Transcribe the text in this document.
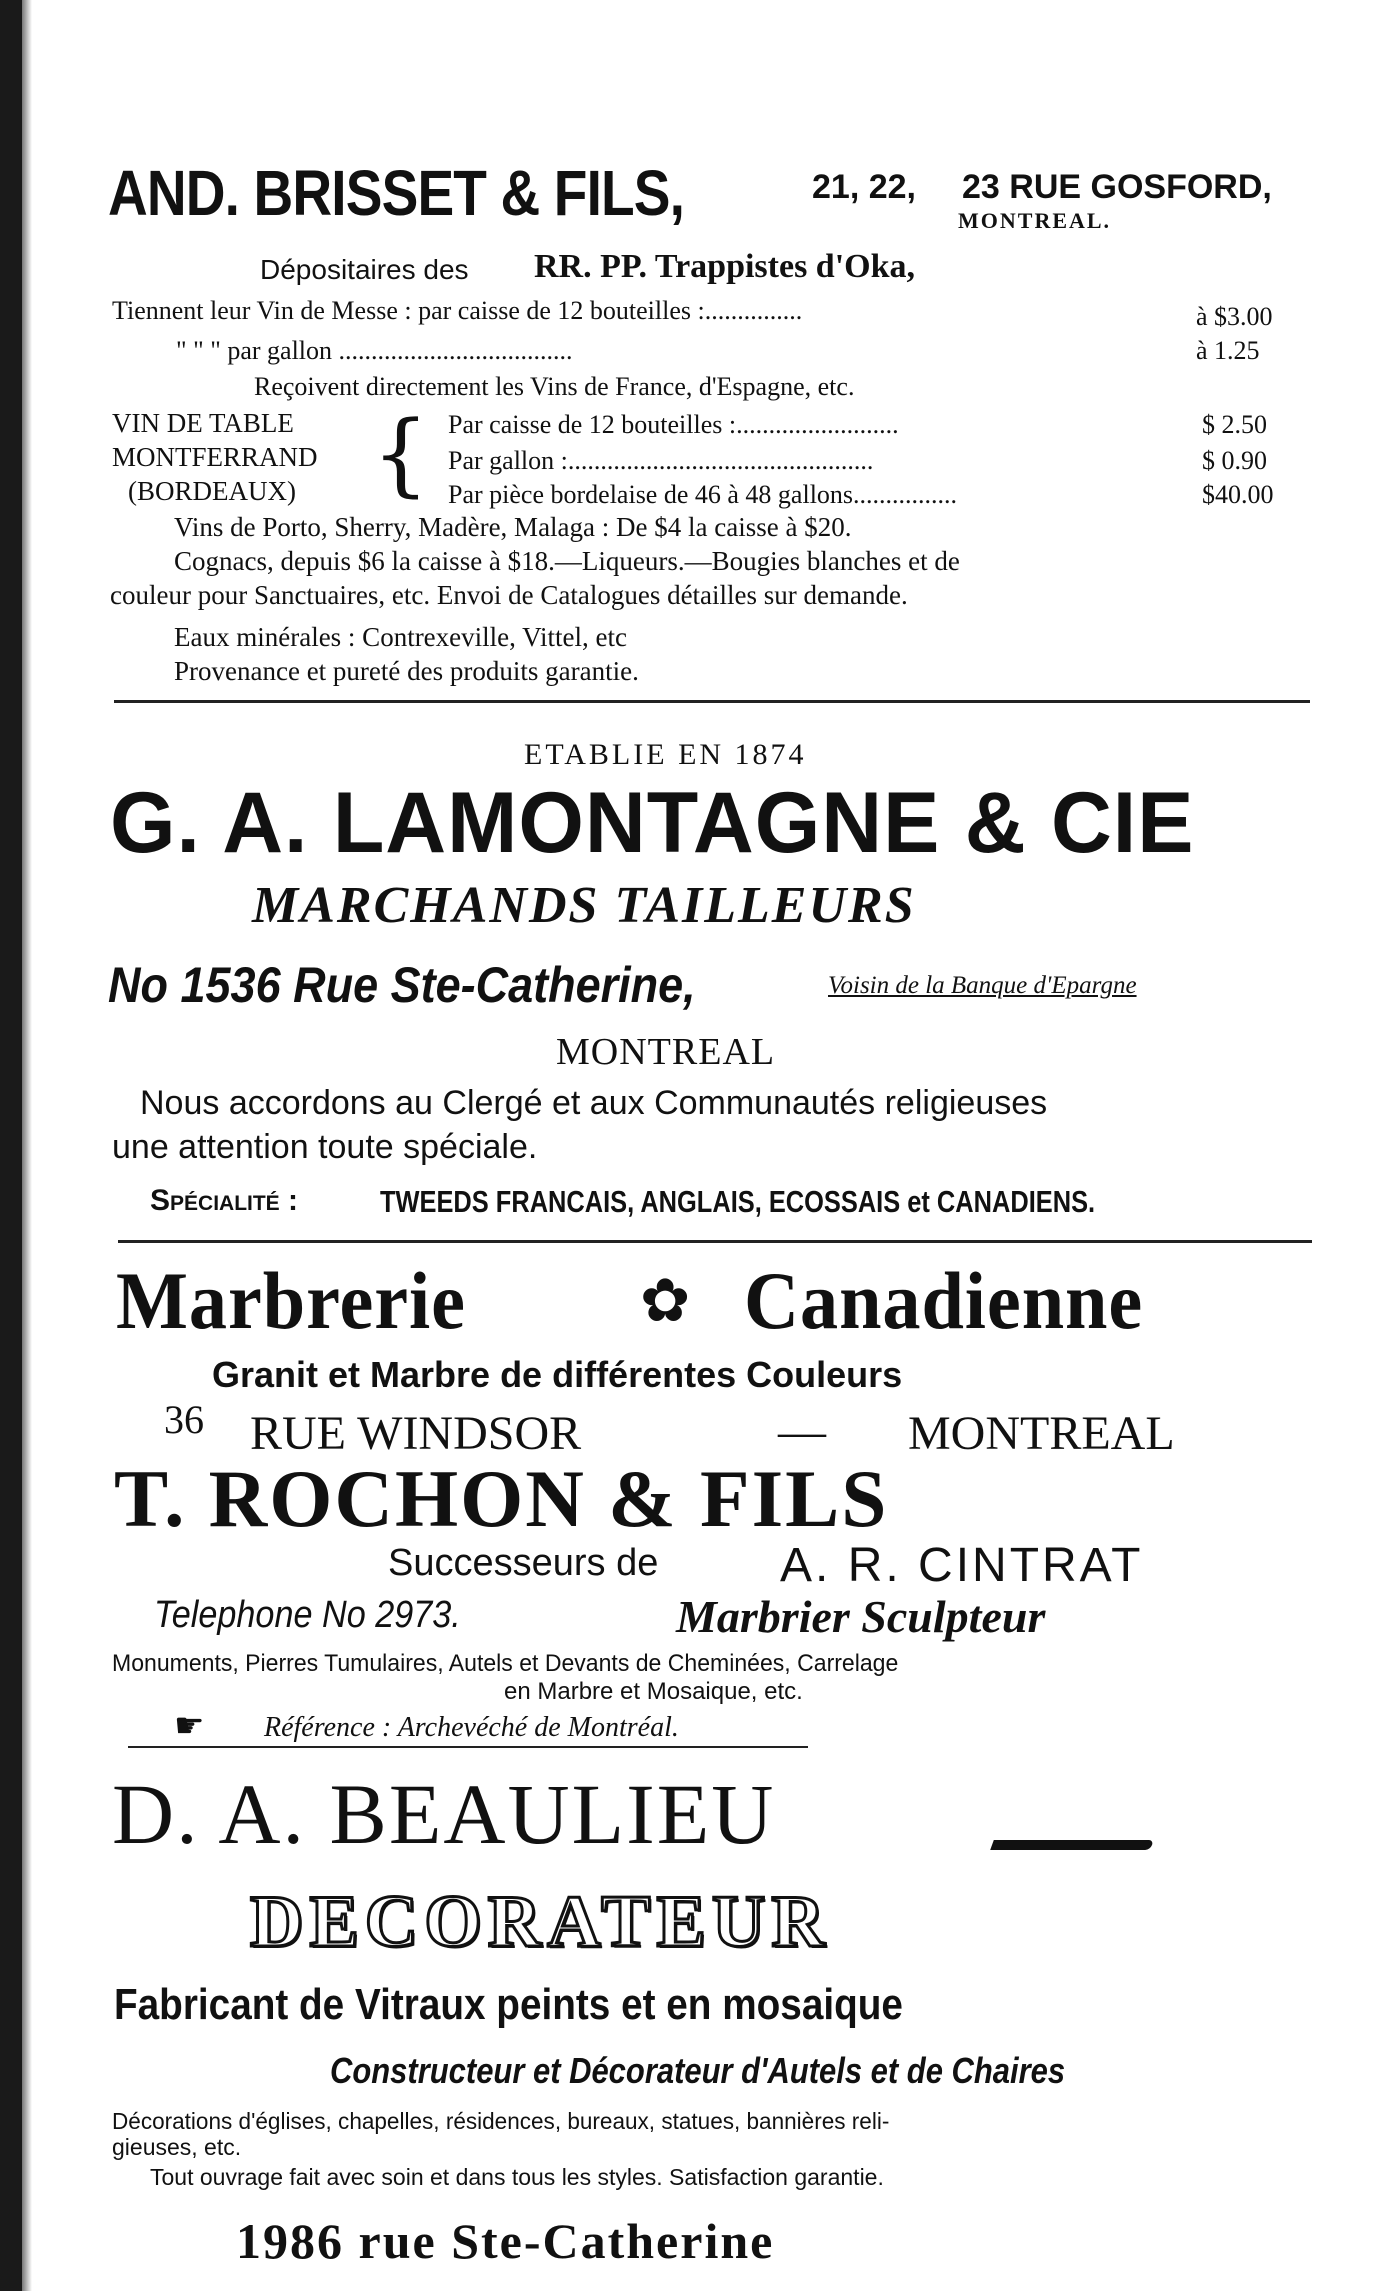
AND. BRISSET & FILS,	21, 22, 23 RUE GOSFORD,
MONTREAL.
Dépositaires des RR. PP. Trappistes d'Oka,
Tiennent leur Vin de Messe : par caisse de 12 bouteilles :...............	à $3.00
" " " par gallon ....................................	à 1.25
Reçoivent directement les Vins de France, d'Espagne, etc.
VIN DE TABLE
MONTFERRAND
(BORDEAUX) { Par caisse de 12 bouteilles :.........................	$ 2.50
Par gallon :...............................................	$ 0.90
Par pièce bordelaise de 46 à 48 gallons................	$40.00
Vins de Porto, Sherry, Madère, Malaga : De $4 la caisse à $20.
Cognacs, depuis $6 la caisse à $18.—Liqueurs.—Bougies blanches et de
couleur pour Sanctuaires, etc. Envoi de Catalogues détailles sur demande.
Eaux minérales : Contrexeville, Vittel, etc
Provenance et pureté des produits garantie.
ETABLIE EN 1874
G. A. LAMONTAGNE & CIE
MARCHANDS TAILLEURS
No 1536 Rue Ste-Catherine,	Voisin de la Banque d'Epargne
MONTREAL
Nous accordons au Clergé et aux Communautés religieuses
une attention toute spéciale.
Spécialité :	TWEEDS FRANCAIS, ANGLAIS, ECOSSAIS et CANADIENS.
Marbrerie	✿ Canadienne
Granit et Marbre de différentes Couleurs
36 RUE WINDSOR	— MONTREAL
T. ROCHON & FILS
Successeurs de	A. R. CINTRAT
Telephone No 2973.	Marbrier Sculpteur
Monuments, Pierres Tumulaires, Autels et Devants de Cheminées, Carrelage
en Marbre et Mosaique, etc.
☛ Référence : Archevéché de Montréal.
D. A. BEAULIEU
DECORATEUR
Fabricant de Vitraux peints et en mosaique
Constructeur et Décorateur d'Autels et de Chaires
Décorations d'églises, chapelles, résidences, bureaux, statues, bannières reli-
gieuses, etc.
Tout ouvrage fait avec soin et dans tous les styles. Satisfaction garantie.
1986 rue Ste-Catherine
